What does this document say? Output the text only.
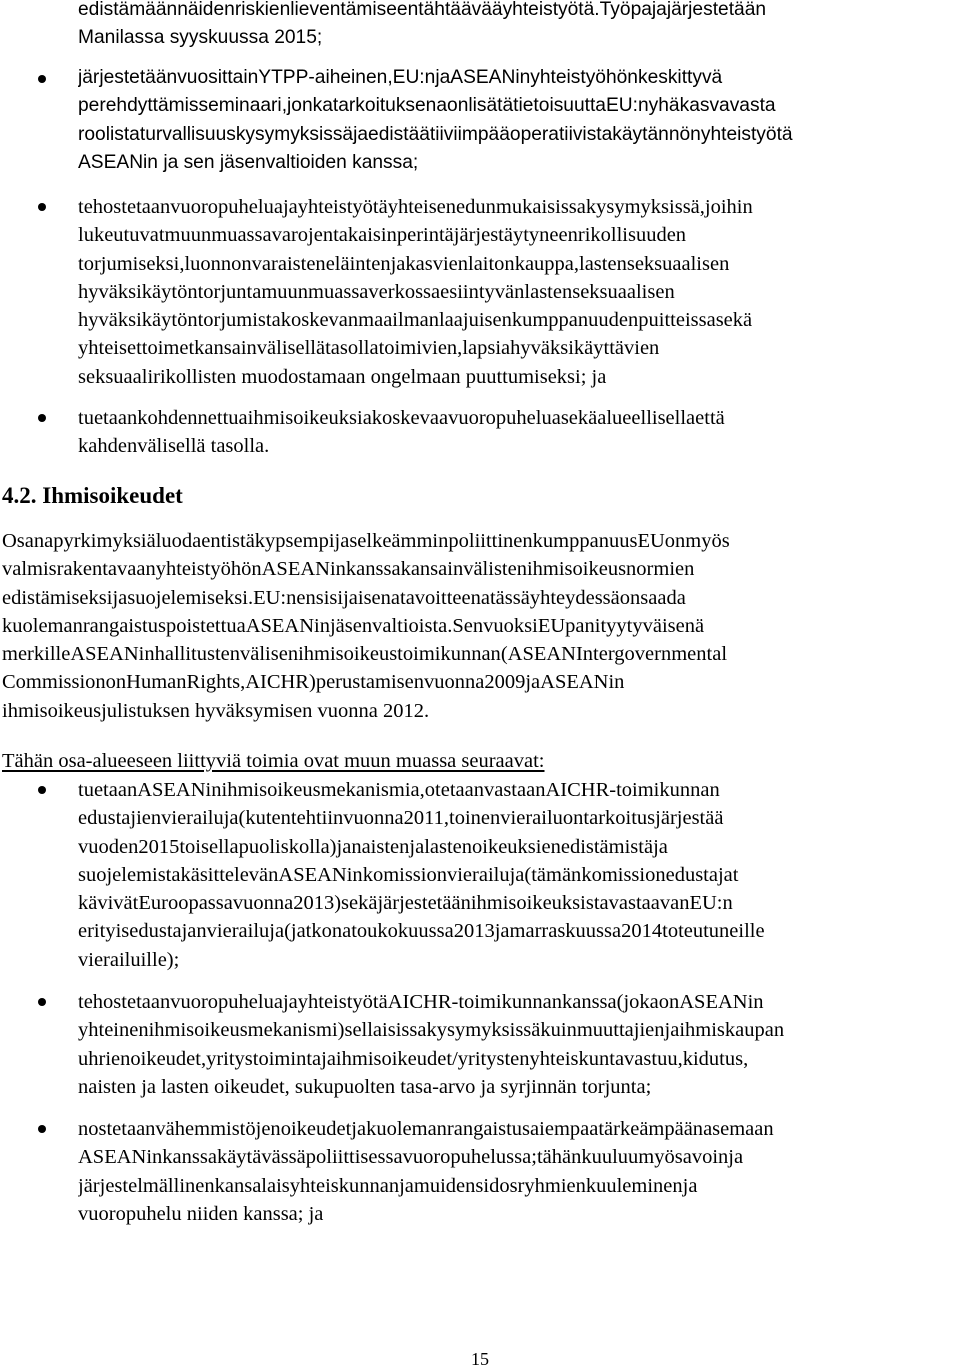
edistämään näiden riskien lieventämiseen tähtäävää yhteistyötä. Työpaja järjestetään
Manilassa syyskuussa 2015;
järjestetään vuosittain YTPP-aiheinen, EU:n ja ASEANin yhteistyöhön keskittyvä
perehdyttämisseminaari, jonka tarkoituksena on lisätä tietoisuutta EU:n yhä kasvavasta
roolista turvallisuuskysymyksissä ja edistää tiiviimpää operatiivista käytännön yhteistyötä
ASEANin ja sen jäsenvaltioiden kanssa;
tehostetaan vuoropuhelua ja yhteistyötä yhteisen edun mukaisissa kysymyksissä, joihin
lukeutuvat muun muassa varojen takaisinperintä järjestäytyneen rikollisuuden
torjumiseksi, luonnonvaraisten eläinten ja kasvien laiton kauppa, lasten seksuaalisen
hyväksikäytön torjunta muun muassa verkossa esiintyvän lasten seksuaalisen
hyväksikäytön torjumista koskevan maailmanlaajuisen kumppanuuden puitteissa sekä
yhteiset toimet kansainvälisellä tasolla toimivien, lapsia hyväksikäyttävien
seksuaalirikollisten muodostamaan ongelmaan puuttumiseksi; ja
tuetaan kohdennettua ihmisoikeuksia koskevaa vuoropuhelua sekä alueellisella että
kahdenvälisellä tasolla.
4.2. Ihmisoikeudet
Osana pyrkimyksiä luoda entistä kypsempi ja selkeämmin poliittinen kumppanuus EU on myös
valmis rakentavaan yhteistyöhön ASEANin kanssa kansainvälisten ihmisoikeusnormien
edistämiseksi ja suojelemiseksi. EU:n ensisijaisena tavoitteena tässä yhteydessä on saada
kuolemanrangaistus poistettua ASEANin jäsenvaltioista. Sen vuoksi EU pani tyytyväisenä
merkille ASEANin hallitustenvälisen ihmisoikeustoimikunnan (ASEAN Intergovernmental
Commission on Human Rights, AICHR) perustamisen vuonna 2009 ja ASEANin
ihmisoikeusjulistuksen hyväksymisen vuonna 2012.
Tähän osa-alueeseen liittyviä toimia ovat muun muassa seuraavat:
tuetaan ASEANin ihmisoikeusmekanismia, otetaan vastaan AICHR-toimikunnan
edustajien vierailuja (kuten tehtiin vuonna 2011, toinen vierailu on tarkoitus järjestää
vuoden 2015 toisella puoliskolla) ja naisten ja lasten oikeuksien edistämistä ja
suojelemista käsittelevän ASEANin komission vierailuja (tämän komission edustajat
kävivät Euroopassa vuonna 2013) sekä järjestetään ihmisoikeuksista vastaavan EU:n
erityisedustajan vierailuja (jatkona toukokuussa 2013 ja marraskuussa 2014 toteutuneille
vierailuille);
tehostetaan vuoropuhelua ja yhteistyötä AICHR-toimikunnan kanssa (joka on ASEANin
yhteinen ihmisoikeusmekanismi) sellaisissa kysymyksissä kuin muuttajien ja ihmiskaupan
uhrien oikeudet, yritystoiminta ja ihmisoikeudet / yritysten yhteiskuntavastuu, kidutus,
naisten ja lasten oikeudet, sukupuolten tasa-arvo ja syrjinnän torjunta;
nostetaan vähemmistöjen oikeudet ja kuolemanrangaistus aiempaa tärkeämpään asemaan
ASEANin kanssa käytävässä poliittisessa vuoropuhelussa; tähän kuuluu myös avoin ja
järjestelmällinen kansalaisyhteiskunnan ja muiden sidosryhmien kuuleminen ja
vuoropuhelu niiden kanssa; ja
15
